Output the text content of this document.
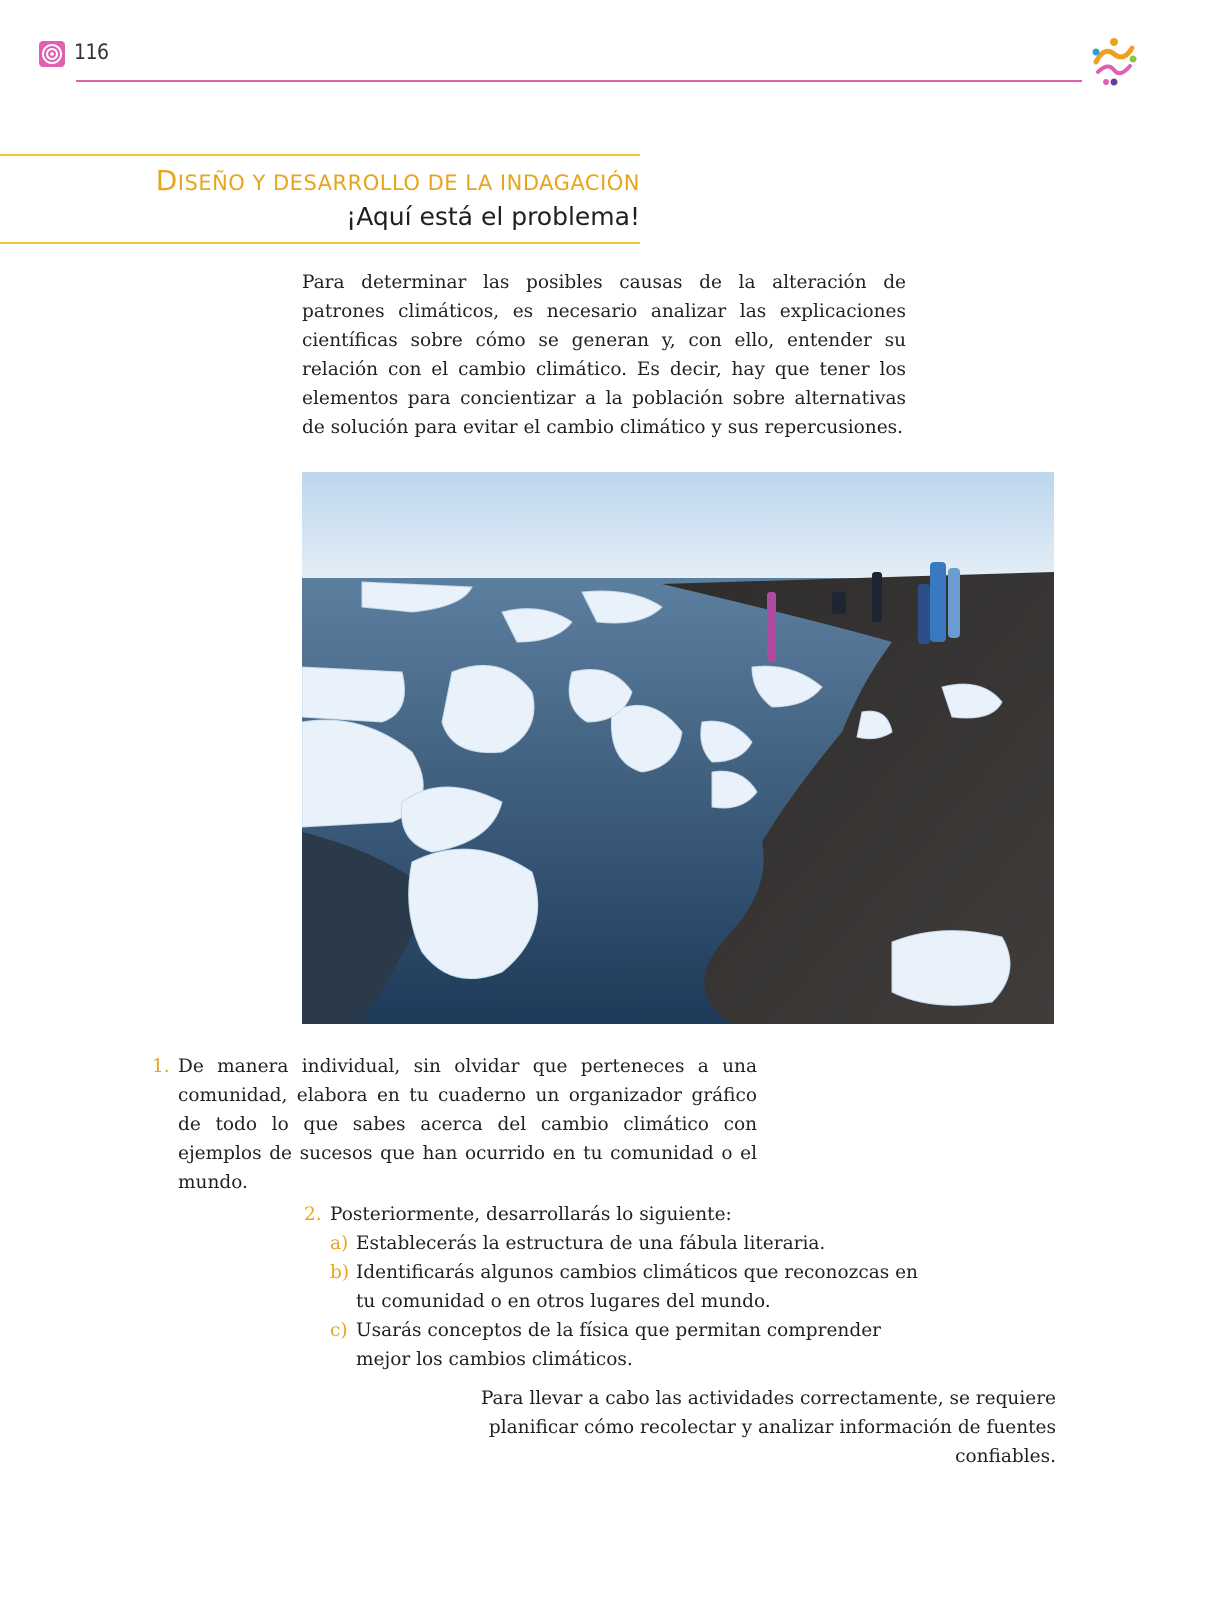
116
DISEÑO Y DESARROLLO DE LA INDAGACIÓN
¡Aquí está el problema!

Para determinar las posibles causas de la alteración de patrones climáticos, es necesario analizar las explicaciones científicas sobre cómo se generan y, con ello, entender su relación con el cambio climático. Es decir, hay que tener los elementos para concientizar a la población sobre alternativas de solución para evitar el cambio climático y sus repercusiones.

1. De manera individual, sin olvidar que perteneces a una comunidad, elabora en tu cuaderno un organizador gráfico de todo lo que sabes acerca del cambio climático con ejemplos de sucesos que han ocurrido en tu comunidad o el mundo.
2. Posteriormente, desarrollarás lo siguiente:
a) Establecerás la estructura de una fábula literaria.
b) Identificarás algunos cambios climáticos que reconozcas en tu comunidad o en otros lugares del mundo.
c) Usarás conceptos de la física que permitan comprender mejor los cambios climáticos.

Para llevar a cabo las actividades correctamente, se requiere planificar cómo recolectar y analizar información de fuentes confiables.
